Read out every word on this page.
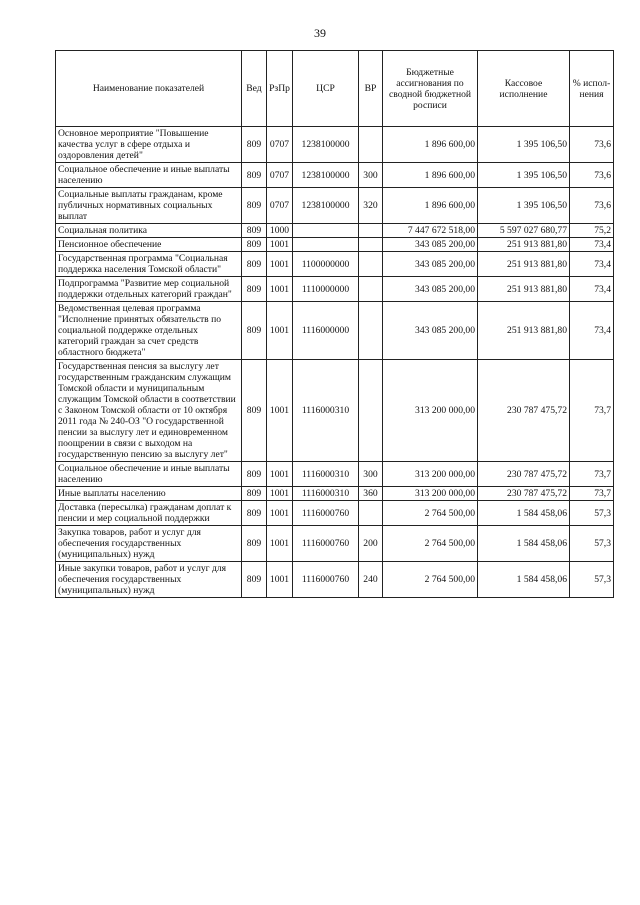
39
Наименование показателей	Вед	РзПр	ЦСР	ВР	Бюджетные ассигнования по сводной бюджетной росписи	Кассовое исполнение	% испол-нения
Основное мероприятие "Повышение качества услуг в сфере отдыха и оздоровления детей"	809	0707	1238100000		1 896 600,00	1 395 106,50	73,6
Социальное обеспечение и иные выплаты населению	809	0707	1238100000	300	1 896 600,00	1 395 106,50	73,6
Социальные выплаты гражданам, кроме публичных нормативных социальных выплат	809	0707	1238100000	320	1 896 600,00	1 395 106,50	73,6
Социальная политика	809	1000			7 447 672 518,00	5 597 027 680,77	75,2
Пенсионное обеспечение	809	1001			343 085 200,00	251 913 881,80	73,4
Государственная программа "Социальная поддержка населения Томской области"	809	1001	1100000000		343 085 200,00	251 913 881,80	73,4
Подпрограмма "Развитие мер социальной поддержки отдельных категорий граждан"	809	1001	1110000000		343 085 200,00	251 913 881,80	73,4
Ведомственная целевая программа "Исполнение принятых обязательств по социальной поддержке отдельных категорий граждан за счет средств областного бюджета"	809	1001	1116000000		343 085 200,00	251 913 881,80	73,4
Государственная пенсия за выслугу лет государственным гражданским служащим Томской области и муниципальным служащим Томской области в соответствии с Законом Томской области от 10 октября 2011 года № 240-ОЗ "О государственной пенсии за выслугу лет и единовременном поощрении в связи с выходом на государственную пенсию за выслугу лет"	809	1001	1116000310		313 200 000,00	230 787 475,72	73,7
Социальное обеспечение и иные выплаты населению	809	1001	1116000310	300	313 200 000,00	230 787 475,72	73,7
Иные выплаты населению	809	1001	1116000310	360	313 200 000,00	230 787 475,72	73,7
Доставка (пересылка) гражданам доплат к пенсии и мер социальной поддержки	809	1001	1116000760		2 764 500,00	1 584 458,06	57,3
Закупка товаров, работ и услуг для обеспечения государственных (муниципальных) нужд	809	1001	1116000760	200	2 764 500,00	1 584 458,06	57,3
Иные закупки товаров, работ и услуг для обеспечения государственных (муниципальных) нужд	809	1001	1116000760	240	2 764 500,00	1 584 458,06	57,3
